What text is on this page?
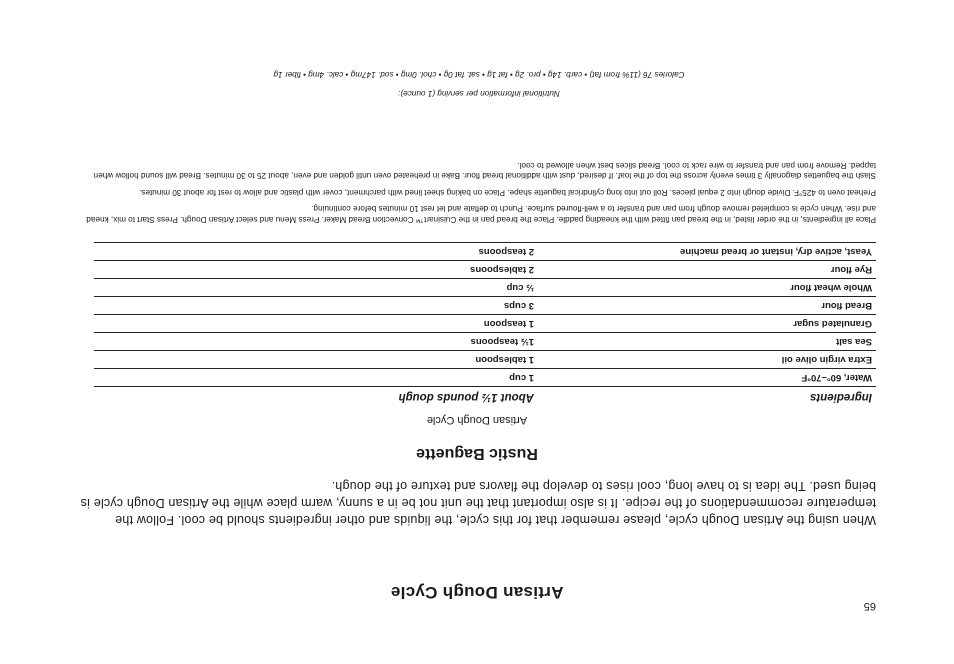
Artisan Dough Cycle

When using the Artisan Dough cycle, please remember that for this cycle, the liquids and other ingredients should be cool. Follow the temperature recommendations of the recipe. It is also important that the unit not be in a sunny, warm place while the Artisan Dough cycle is being used. The idea is to have long, cool rises to develop the flavors and texture of the dough.

Rustic Baguette
Artisan Dough Cycle
Ingredients	About 1½ pounds dough
Water, 60°–70°F	1 cup
Extra virgin olive oil	1 tablespoon
Sea salt	1½ teaspoons
Granulated sugar	1 teaspoon
Bread flour	3 cups
Whole wheat flour	½ cup
Rye flour	2 tablespoons
Yeast, active dry, instant or bread machine	2 teaspoons

Place all ingredients, in the order listed, in the bread pan fitted with the kneading paddle. Place the bread pan in the Cuisinart™ Convection Bread Maker. Press Menu and select Artisan Dough. Press Start to mix, knead and rise. When cycle is completed remove dough from pan and transfer to a well-floured surface. Punch to deflate and let rest 10 minutes before continuing.

Preheat oven to 425°F. Divide dough into 2 equal pieces. Roll out into long cylindrical baguette shape. Place on baking sheet lined with parchment, cover with plastic and allow to rest for about 30 minutes.

Slash the baguettes diagonally 3 times evenly across the top of the loaf. If desired, dust with additional bread flour. Bake in preheated oven until golden and even, about 25 to 30 minutes. Bread will sound hollow when tapped. Remove from pan and transfer to wire rack to cool. Bread slices best when allowed to cool.

Nutritional information per serving (1 ounce):
Calories 76 (11% from fat) • carb. 14g • pro. 2g • fat 1g • sat. fat 0g • chol. 0mg • sod. 147mg • calc. 4mg • fiber 1g
65
